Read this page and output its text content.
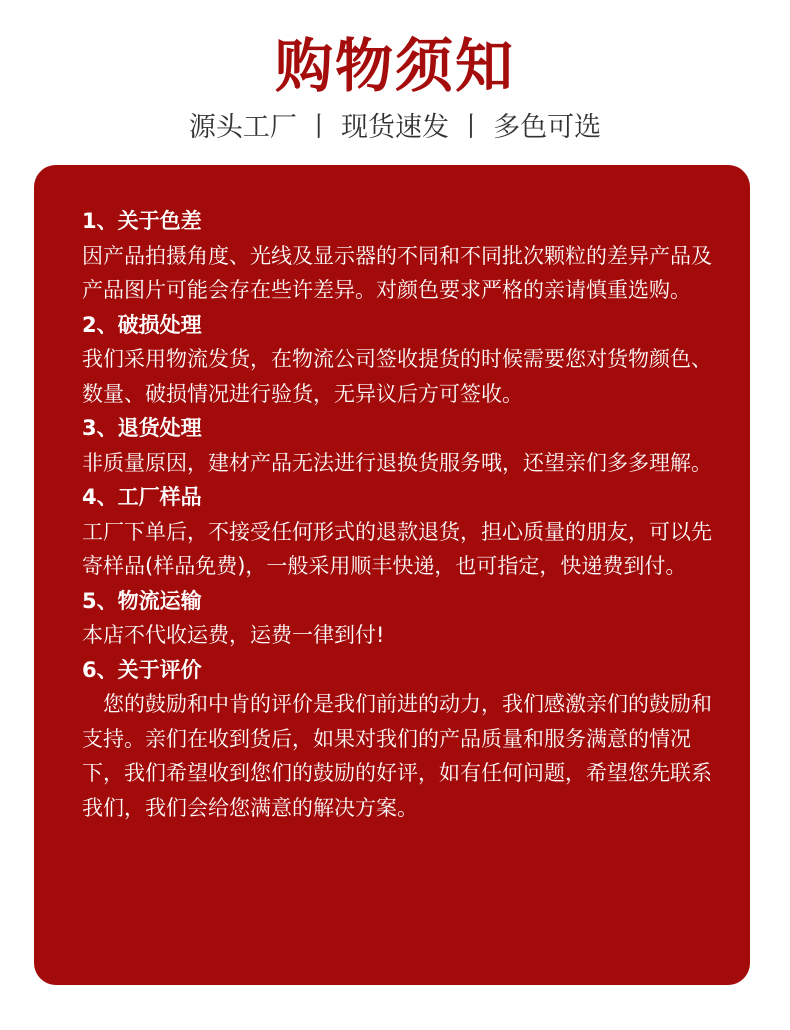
购物须知
源头工厂 丨 现货速发 丨 多色可选

1、关于色差

因产品拍摄角度、光线及显示器的不同和不同批次颗粒的差异产品及产品图片可能会存在些许差异。对颜色要求严格的亲请慎重选购。

2、破损处理

我们采用物流发货，在物流公司签收提货的时候需要您对货物颜色、数量、破损情况进行验货，无异议后方可签收。

3、退货处理

非质量原因，建材产品无法进行退换货服务哦，还望亲们多多理解。

4、工厂样品

工厂下单后，不接受任何形式的退款退货，担心质量的朋友，可以先寄样品(样品免费)，一般采用顺丰快递，也可指定，快递费到付。

5、物流运输

本店不代收运费，运费一律到付!

6、关于评价

您的鼓励和中肯的评价是我们前进的动力，我们感激亲们的鼓励和支持。亲们在收到货后，如果对我们的产品质量和服务满意的情况下，我们希望收到您们的鼓励的好评，如有任何问题，希望您先联系我们，我们会给您满意的解决方案。
